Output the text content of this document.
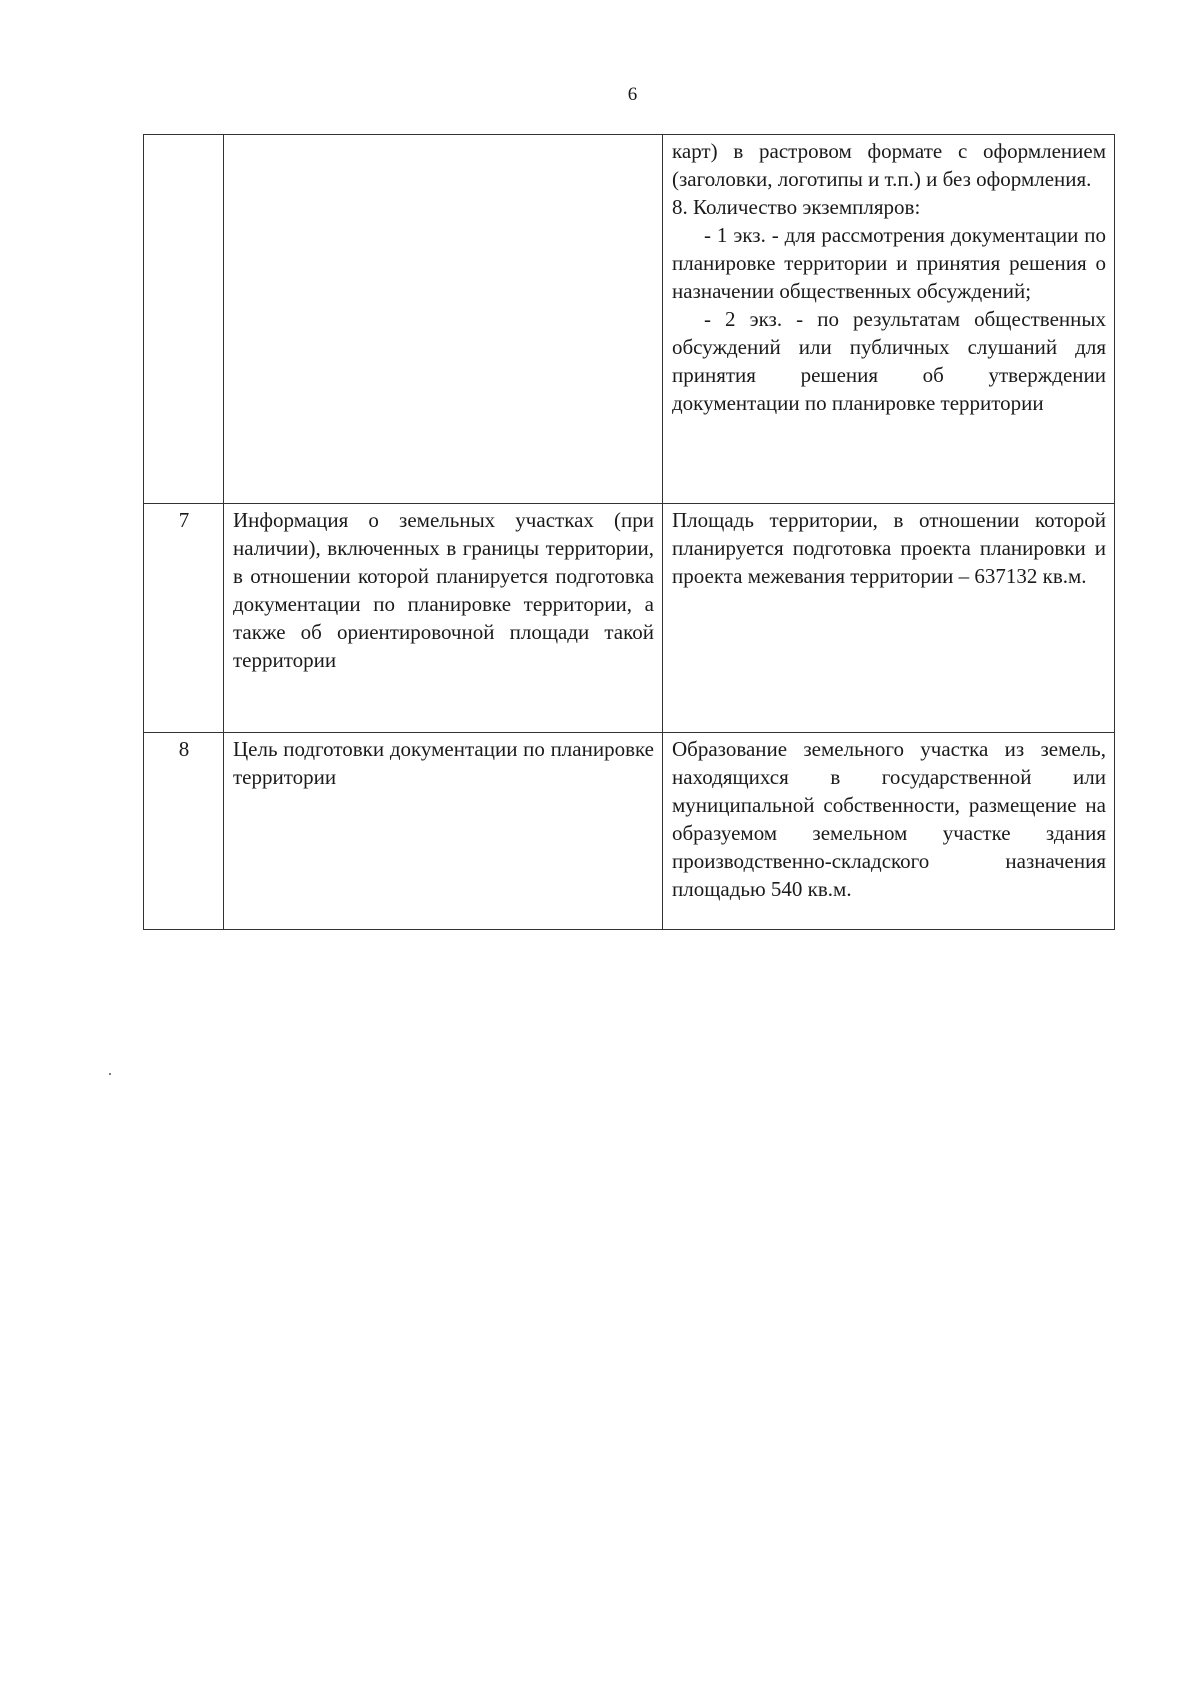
6

		карт) в растровом формате с оформлением (заголовки, логотипы и т.п.) и без оформления.

8. Количество экземпляров:

- 1 экз. - для рассмотрения документации по планировке территории и принятия решения о назначении общественных обсуждений;

- 2 экз. - по результатам общественных обсуждений или публичных слушаний для принятия решения об утверждении документации по планировке территории

7	Информация о земельных участках (при наличии), включенных в границы территории, в отношении которой планируется подготовка документации по планировке территории, а также об ориентировочной площади такой территории	Площадь территории, в отношении которой планируется подготовка проекта планировки и проекта межевания территории – 637132 кв.м.
8	Цель подготовки документации по планировке территории	Образование земельного участка из земель, находящихся в государственной или муниципальной собственности, размещение на образуемом земельном участке здания производственно-складского назначения площадью 540 кв.м.
